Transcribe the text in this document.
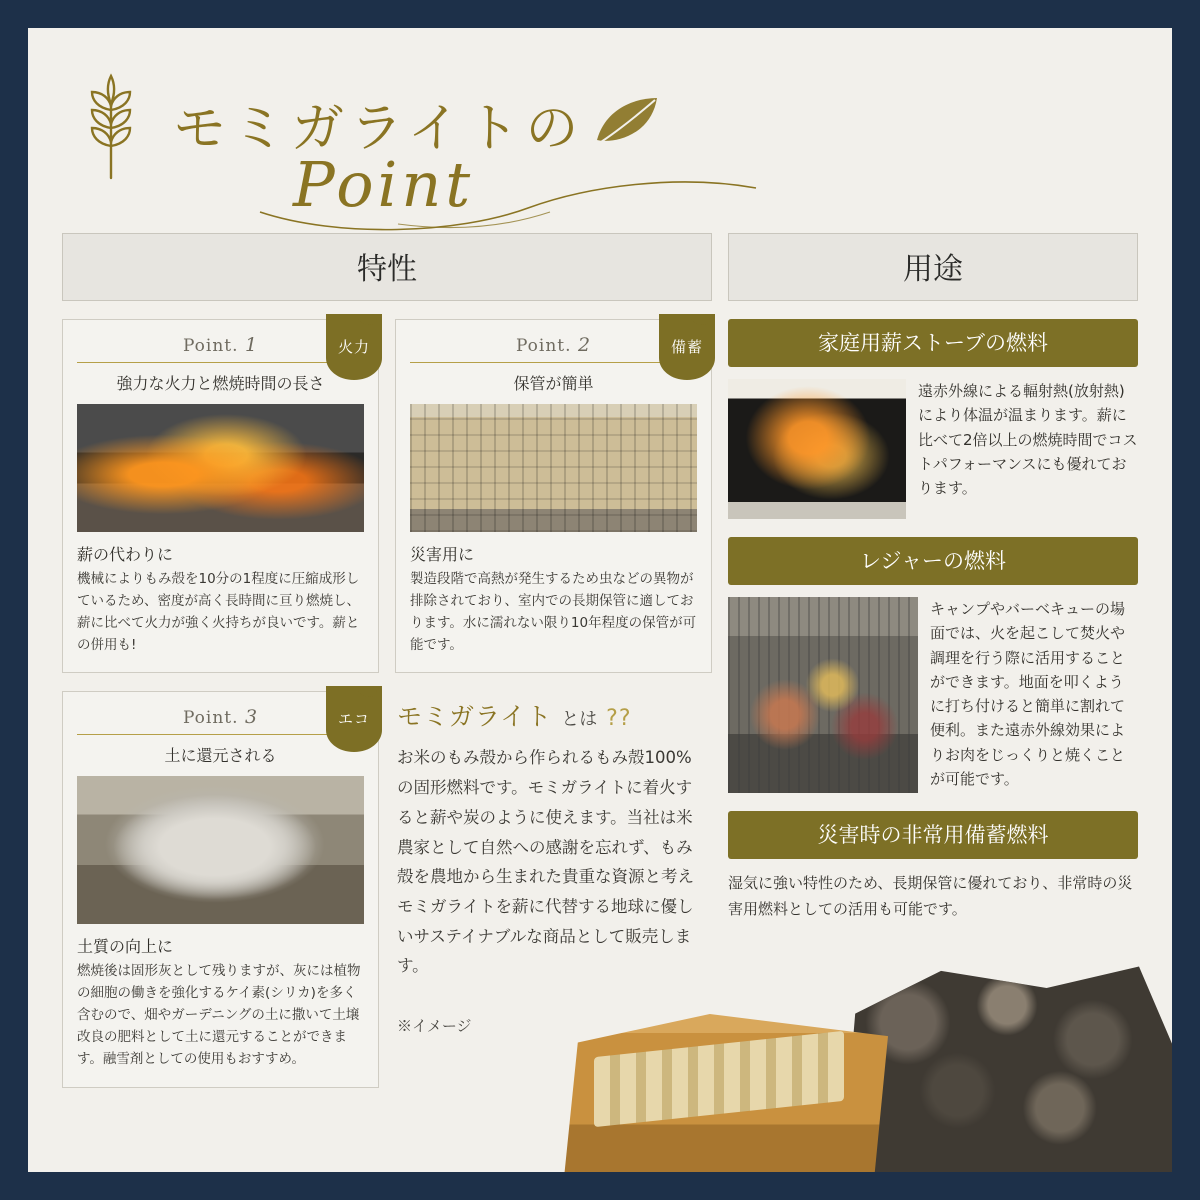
モミガライトの
Point
特性
火力
Point. 1
強力な火力と燃焼時間の長さ
薪の代わりに
機械によりもみ殻を10分の1程度に圧縮成形しているため、密度が高く長時間に亘り燃焼し、薪に比べて火力が強く火持ちが良いです。薪との併用も!
備蓄
Point. 2
保管が簡単
災害用に
製造段階で高熱が発生するため虫などの異物が排除されており、室内での長期保管に適しております。水に濡れない限り10年程度の保管が可能です。
エコ
Point. 3
土に還元される
土質の向上に
燃焼後は固形灰として残りますが、灰には植物の細胞の働きを強化するケイ素(シリカ)を多く含むので、畑やガーデニングの土に撒いて土壌改良の肥料として土に還元することができます。融雪剤としての使用もおすすめ。
モミガライト とは ??
お米のもみ殻から作られるもみ殻100%の固形燃料です。モミガライトに着火すると薪や炭のように使えます。当社は米農家として自然への感謝を忘れず、もみ殻を農地から生まれた貴重な資源と考えモミガライトを薪に代替する地球に優しいサステイナブルな商品として販売します。
※イメージ
用途
家庭用薪ストーブの燃料
遠赤外線による輻射熱(放射熱)により体温が温まります。薪に比べて2倍以上の燃焼時間でコストパフォーマンスにも優れております。
レジャーの燃料
キャンプやバーベキューの場面では、火を起こして焚火や調理を行う際に活用することができます。地面を叩くように打ち付けると簡単に割れて便利。また遠赤外線効果によりお肉をじっくりと焼くことが可能です。
災害時の非常用備蓄燃料
湿気に強い特性のため、長期保管に優れており、非常時の災害用燃料としての活用も可能です。
